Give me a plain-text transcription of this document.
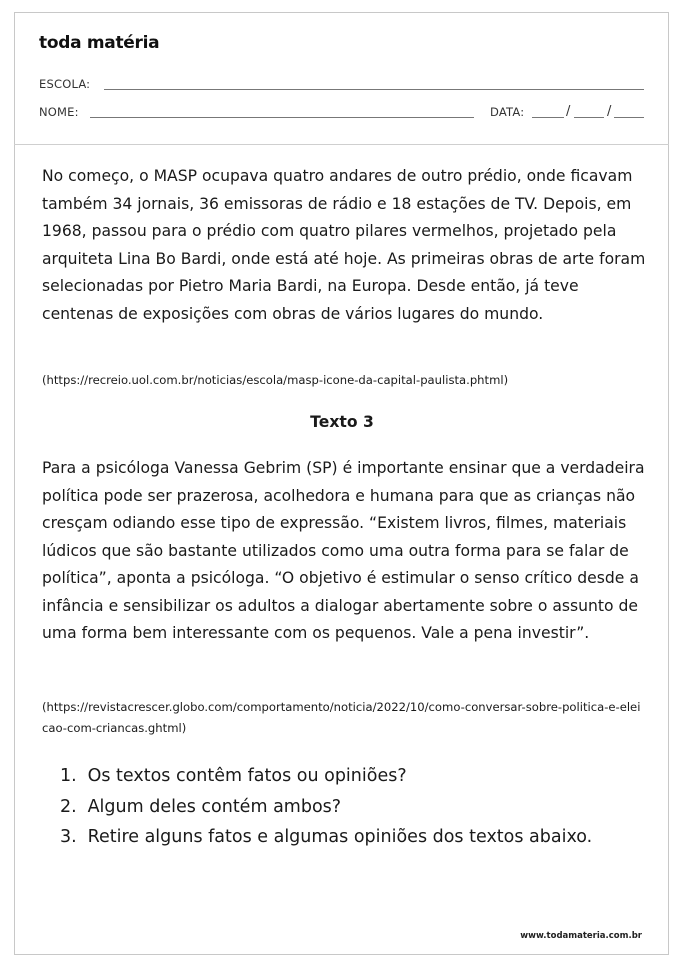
toda matéria
ESCOLA:
NOME:	DATA:	/	/

No começo, o MASP ocupava quatro andares de outro prédio, onde ficavam também 34 jornais, 36 emissoras de rádio e 18 estações de TV. Depois, em 1968, passou para o prédio com quatro pilares vermelhos, projetado pela arquiteta Lina Bo Bardi, onde está até hoje. As primeiras obras de arte foram selecionadas por Pietro Maria Bardi, na Europa. Desde então, já teve centenas de exposições com obras de vários lugares do mundo.

(https://recreio.uol.com.br/noticias/escola/masp-icone-da-capital-paulista.phtml)

Texto 3

Para a psicóloga Vanessa Gebrim (SP) é importante ensinar que a verdadeira política pode ser prazerosa, acolhedora e humana para que as crianças não cresçam odiando esse tipo de expressão. “Existem livros, filmes, materiais lúdicos que são bastante utilizados como uma outra forma para se falar de política”, aponta a psicóloga. “O objetivo é estimular o senso crítico desde a infância e sensibilizar os adultos a dialogar abertamente sobre o assunto de uma forma bem interessante com os pequenos. Vale a pena investir”.

(https://revistacrescer.globo.com/comportamento/noticia/2022/10/como-conversar-sobre-politica-e-eleicao-com-criancas.ghtml)

1. Os textos contêm fatos ou opiniões?
2. Algum deles contém ambos?
3. Retire alguns fatos e algumas opiniões dos textos abaixo.
www.todamateria.com.br
